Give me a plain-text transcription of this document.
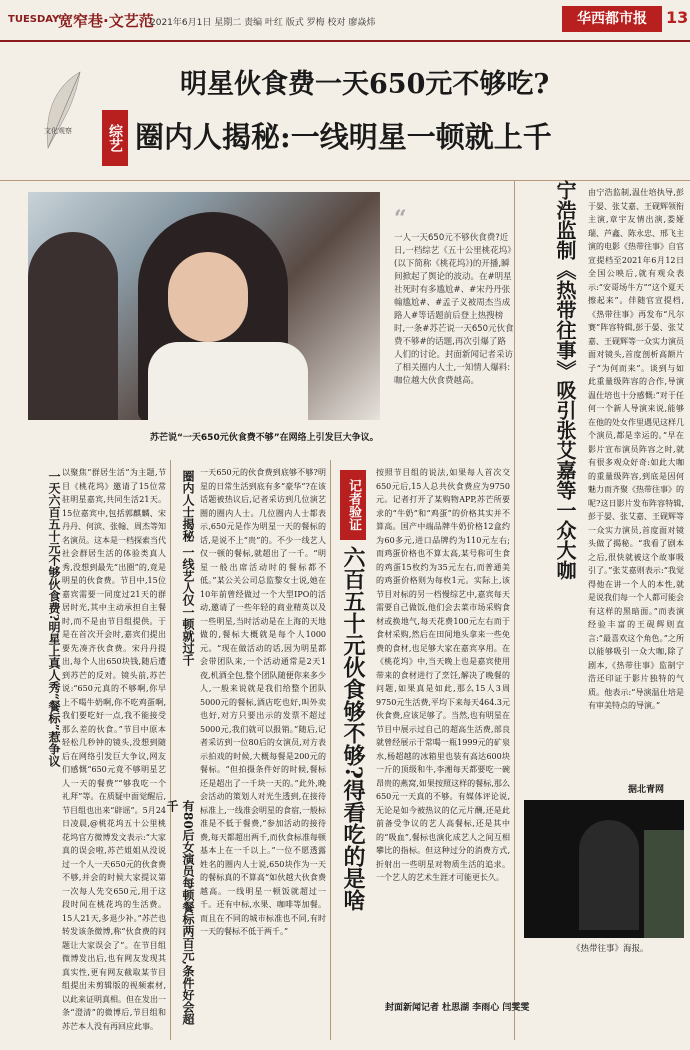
TUESDAY
宽窄巷·文艺范
2021年6月1日 星期二 责编 叶红 版式 罗梅 校对 廖焱炜	华西都市报	13
文化观察	综艺
明星伙食费一天650元不够吃?
圈内人揭秘:一线明星一顿就上千
“
一人一天650元不够伙食费?近日,一档综艺《五十公里桃花坞》(以下简称《桃花坞》)的开播,瞬间掀起了舆论的波动。在#明星社死时有多尴尬#、#宋丹丹张翰尴尬#、#孟子义被周杰当成路人#等话题前后登上热搜榜时,一条#苏芒说一天650元伙食费不够#的话题,再次引爆了路人们的讨论。封面新闻记者采访了相关圈内人士,一知情人爆料:咖位越大伙食费越高。
苏芒说“一天650元伙食费不够”在网络上引发巨大争议。	宁浩监制《热带往事》吸引张艾嘉等一众大咖	由宁浩监制,温仕培执导,彭于晏、张艾嘉、王砚辉领衔主演,章宇友情出演,娄娅瑞、芦鑫、陈永忠、邢飞主演的电影《热带往事》自官宣提档至2021年6月12日全国公映后,就有观众表示:“安哥场牛方”“这个夏天擦起来”。伴随官宣提档,《热带往事》再发布“凡尔赛”阵容特辑,彭于晏、张艾嘉、王砚辉等一众实力演员面对镜头,首度剖析高额片子“为何而来”。谈到与如此重量级阵容的合作,导演温仕培也十分感慨:“对于任何一个新人导演来说,能够在他的处女作里遇见这样几个演员,都是幸运的。”早在影片宣布演员阵容之时,就有很多观众好奇:如此大咖的重量级阵容,到底是因何魅力而齐聚《热带往事》的呢?这日影片发布阵容特辑,彭于晏、张艾嘉、王砚辉等一众实力演员,首度面对镜头做了揭秘。“我看了剧本之后,很快就被这个故事吸引了。”张艾嘉则表示:“我觉得他在讲一个人的本性,就是说我们每一个人都可能会有这样的黑暗面。”而表演经验丰富的王砚辉则直言:“最喜欢这个角色。”之所以能够吸引一众大咖,除了剧本,《热带往事》监制宁浩还印证于影片独特的气质。他表示:“导演温仕培是有审美特点的导演。”
据北青网
《热带往事》海报。
一天六百五十元不够伙食费?明星上真人秀“餐标”惹争议 以聚焦“群居生活”为主题,节目《桃花坞》邀请了15位常驻明星嘉宾,共同生活21天。15位嘉宾中,包括郭麒麟、宋丹丹、何滨、张翰、周杰等知名演员。这本是一档探索当代社会群居生活的体验类真人秀,没想到最先“出圈”的,竟是明星的伙食费。节目中,15位嘉宾需要一同度过21天的群居时光,其中主动承担自主餐时,而不是由节目组提供。于是在首次开会时,嘉宾们提出要先凑齐伙食费。宋丹丹提出,每个人出650块钱,随后遭到苏芒的反对。镜头前,苏芒说:“650元真的不够啊,你早上不喝牛奶啊,你不吃鸡蛋啊,我们要吃好一点,我不能接受那么差的伙食。”节目中原本轻松几秒钟的镜头,没想到随后在网络引发巨大争议,网友们感慨“650元竟不够明星艺人一天的餐费”“够我吃一个礼拜”等。在质疑中面觉醒后,节目组也出来“辟谣”。5月24日凌晨,@桃花坞五十公里桃花坞官方微博发文表示:“大家真的误会啦,苏芒姐姐从没说过一个人一天650元的伙食费不够,并会的时候大家提议第一次每人先交650元,用于这段时间在桃花坞的生活费。15人21天,多退少补。”苏芒也转发该条微博,称“伙食费的问题让大家误会了”。在节目组微博发出后,也有网友发现其真实性,更有网友截取某节目组提出未剪辑版的视频素材,以此来证明真相。但在发出一条“澄清”的微博后,节目组和苏芒本人没有再回应此事。
圈内人士揭秘 一线艺人仅一顿就过千
有80后女演员每顿餐标两百元,条件好会超千
一天650元的伙食费到底够不够?明星的日常生活到底有多“豪华”?在该话题被热议后,记者采访到几位演艺圈的圈内人士。几位圈内人士都表示,650元是作为明星一天的餐标的话,是说不上“贵”的。不少一线艺人仅一顿的餐标,就超出了一千。“明星一般出席活动时的餐标都不低。”某公关公司总监黎女士说,她在10年前曾经做过一个大型IPO的活动,邀请了一些年轻的商业精英以及一些明星,当时活动是在上海的天地做的,餐标大概就是每个人1000元。“现在做活动的话,因为明星都会带团队来,一个活动通常是2天1夜,机酒全包,整个团队随便你来多少人,一般来说就是我们给整个团队5000元的餐标,酒店吃也好,叫外卖也好,对方只要出示的发票不超过5000元,我们就可以报销。”随后,记者采访到一位80后的女演员,对方表示拍戏的时候,大概每餐是200元的餐标。“但拍摄条件好的时候,餐标还是超出了一千块一天的。”此外,晚会活动的策划人对光生透到,在接待标准上,一线准会明星的食宿,一般标准是不低于餐费,“参加活动的接待费,每天都超出两千,而伙食标准每顿基本上在一千以上。”一位不愿透露姓名的圈内人士说,650块作为一天的餐标真的不算高“如伙越大伙食费越高。一线明星一顿饭就超过一千。还有中标,水果、咖啡等加餐。而且在不同的城市标准也不同,有时一天的餐标不低于两千。”
记者验证
六百五十元伙食够不够?得看吃的是啥
按照节目组的说法,如果每人首次交650元后,15人总共伙食费应为9750元。记者打开了某购物APP,苏芒所要求的“牛奶”和“鸡蛋”的价格其实并不算高。国产中端品牌牛奶价格12盒约为60多元,进口品牌约为110元左右;而鸡蛋价格也不算太高,某号称可生食的鸡蛋15枚约为35元左右,而普通美的鸡蛋价格则为每枚1元。实际上,该节目对标的另一档慢综艺中,嘉宾每天需要自己做饭,他们会去菜市场采购食材或换地气,每天花费100元左右而于食材采购,然后在田间地头拿来一些免费的食材,也足够大家在嘉宾享用。在《桃花坞》中,当天晚上也是嘉宾使用带来的食材进行了烹饪,解决了晚餐的问题,如果真是如此,那么15人3周9750元生活费,平均下来每天464.3元伙食费,应该足够了。当然,也有明星在节目中展示过自己的超高生活费,部良就曾经展示于常喝一瓶1999元的矿泉水,杨超越的冰箱里也装有高达600块一斤的顶级和牛,李湘每天都要吃一碗昂贵的燕窝,如果按照这样的餐标,那么650元一天真的不够。有媒体评论说,无论是如今被热议的亿元片酬,还是此前备受争议的艺人高餐标,还是其中的“吸血”,餐标也演化成艺人之间互相攀比的指标。但这种过分的消费方式,折射出一些明星对物质生活的追求。一个艺人的艺术生涯才可能更长久。
封面新闻记者 杜思湖 李雨心 闫雯雯
